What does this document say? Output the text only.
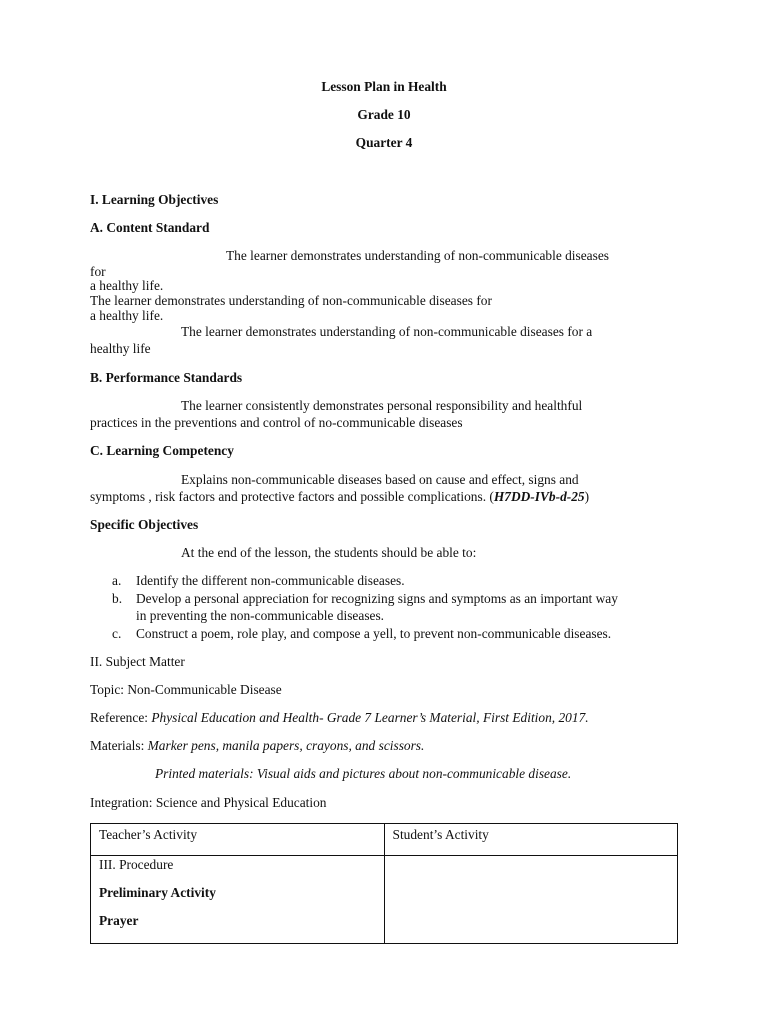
Lesson Plan in Health
Grade 10
Quarter 4
I. Learning Objectives
A. Content Standard
The learner demonstrates understanding of non-communicable diseases
for
a healthy life.
The learner demonstrates understanding of non-communicable diseases for
a healthy life.
The learner demonstrates understanding of non-communicable diseases for a
healthy life
B. Performance Standards
The learner consistently demonstrates personal responsibility and healthful
practices in the preventions and control of no-communicable diseases
C. Learning Competency
Explains non-communicable diseases based on cause and effect, signs and
symptoms , risk factors and protective factors and possible complications. (H7DD-IVb-d-25)
Specific Objectives
At the end of the lesson, the students should be able to:
a.	Identify the different non-communicable diseases.
b.	Develop a personal appreciation for recognizing signs and symptoms as an important way
in preventing the non-communicable diseases.
c.	Construct a poem, role play, and compose a yell, to prevent non-communicable diseases.
II. Subject Matter
Topic: Non-Communicable Disease
Reference: Physical Education and Health- Grade 7 Learner’s Material, First Edition, 2017.
Materials: Marker pens, manila papers, crayons, and scissors.
Printed materials: Visual aids and pictures about non-communicable disease.
Integration: Science and Physical Education
Teacher’s Activity	Student’s Activity

III. Procedure
Preliminary Activity
Prayer	
